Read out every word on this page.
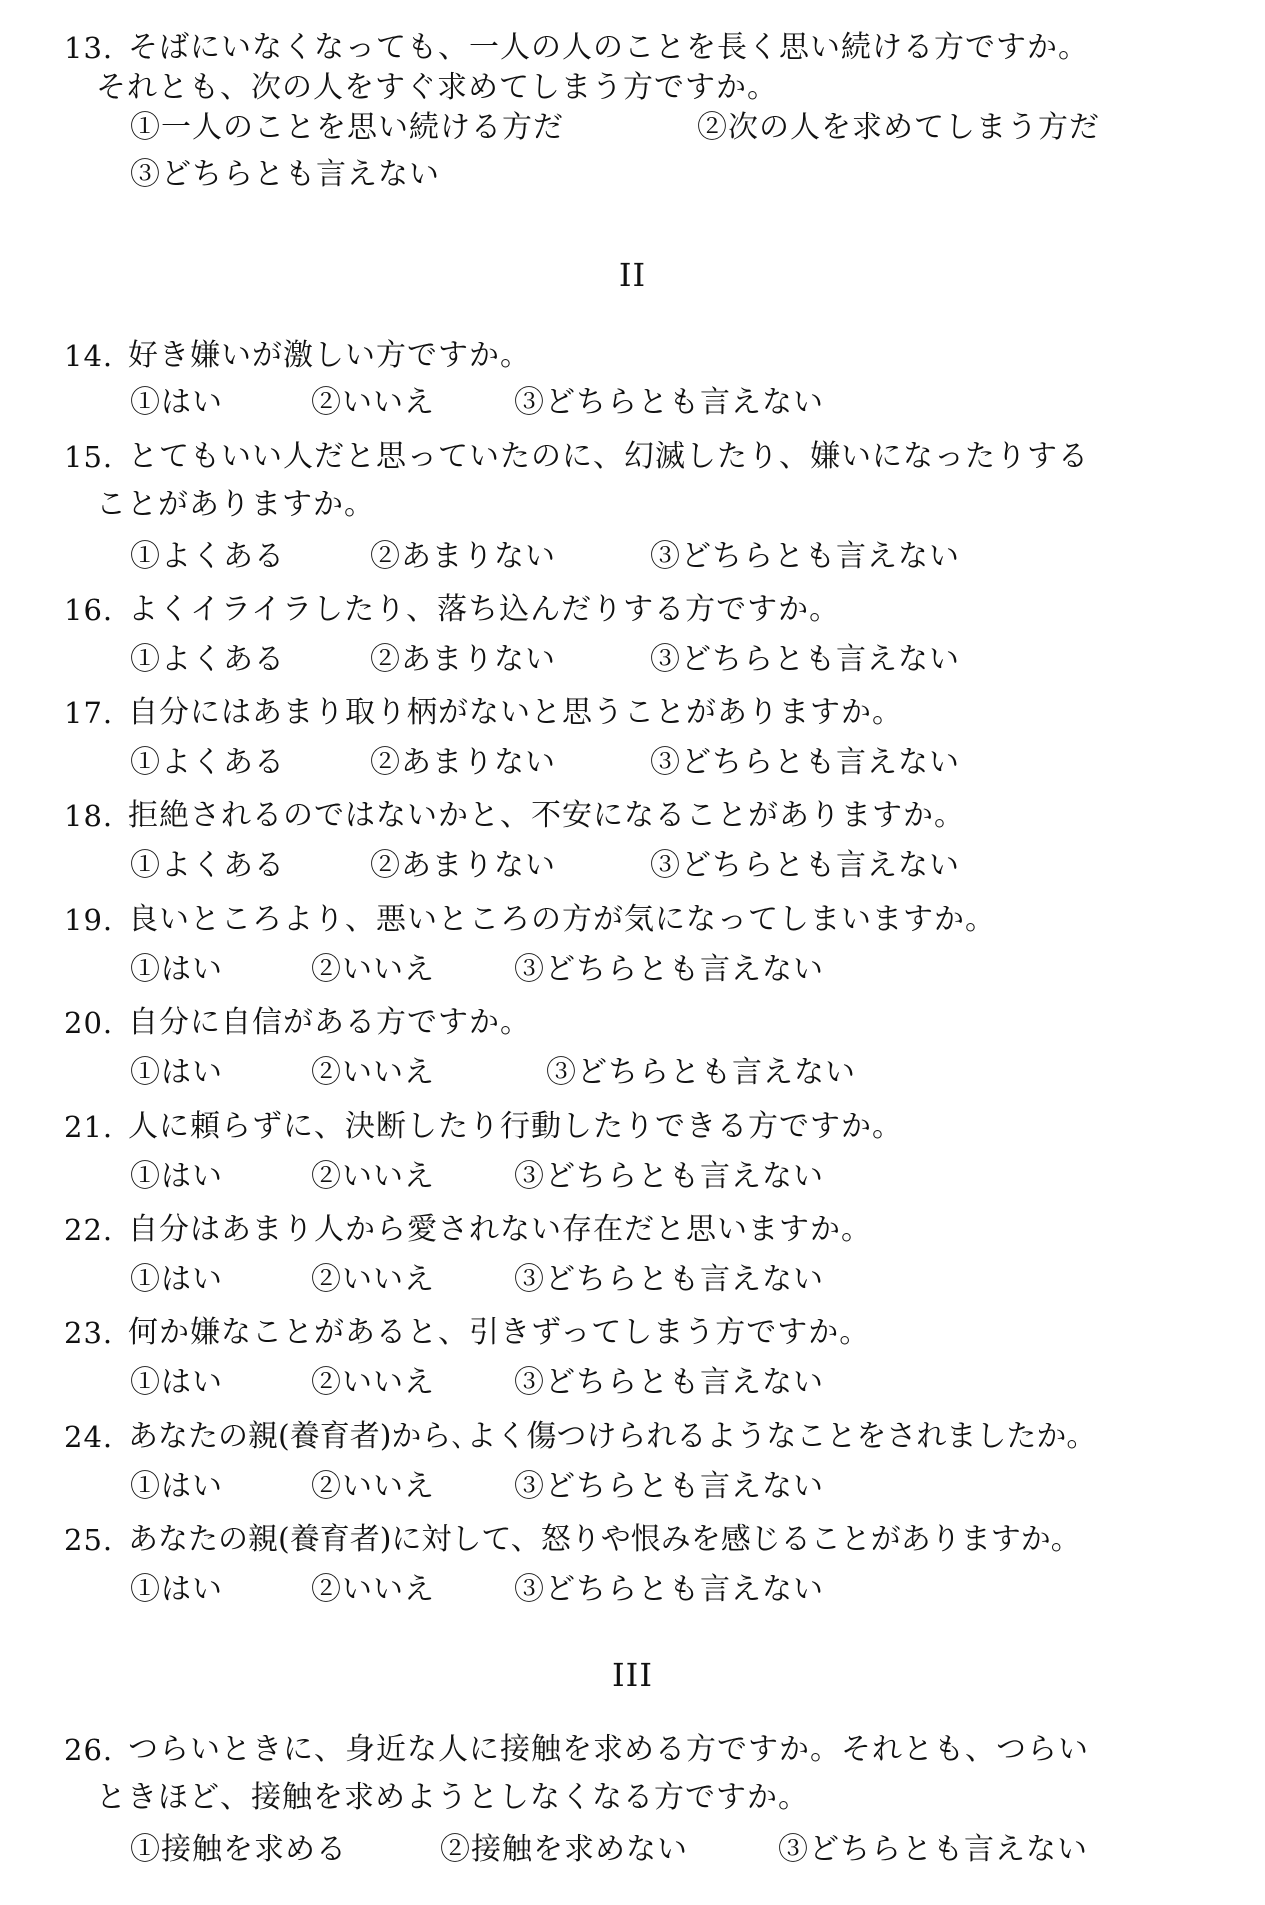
13. そばにいなくなっても、一人の人のことを長く思い続ける方ですか。
それとも、次の人をすぐ求めてしまう方ですか。
①一人のことを思い続ける方だ	②次の人を求めてしまう方だ
③どちらとも言えない
II
14. 好き嫌いが激しい方ですか。
①はい	②いいえ	③どちらとも言えない
15. とてもいい人だと思っていたのに、幻滅したり、嫌いになったりする
ことがありますか。
①よくある	②あまりない	③どちらとも言えない
16. よくイライラしたり、落ち込んだりする方ですか。
①よくある	②あまりない	③どちらとも言えない
17. 自分にはあまり取り柄がないと思うことがありますか。
①よくある	②あまりない	③どちらとも言えない
18. 拒絶されるのではないかと、不安になることがありますか。
①よくある	②あまりない	③どちらとも言えない
19. 良いところより、悪いところの方が気になってしまいますか。
①はい	②いいえ	③どちらとも言えない
20. 自分に自信がある方ですか。
①はい	②いいえ	③どちらとも言えない
21. 人に頼らずに、決断したり行動したりできる方ですか。
①はい	②いいえ	③どちらとも言えない
22. 自分はあまり人から愛されない存在だと思いますか。
①はい	②いいえ	③どちらとも言えない
23. 何か嫌なことがあると、引きずってしまう方ですか。
①はい	②いいえ	③どちらとも言えない
24. あなたの親(養育者)から､よく傷つけられるようなことをされましたか。
①はい	②いいえ	③どちらとも言えない
25. あなたの親(養育者)に対して、怒りや恨みを感じることがありますか。
①はい	②いいえ	③どちらとも言えない
III
26. つらいときに、身近な人に接触を求める方ですか。それとも、つらい
ときほど、接触を求めようとしなくなる方ですか。
①接触を求める	②接触を求めない	③どちらとも言えない
